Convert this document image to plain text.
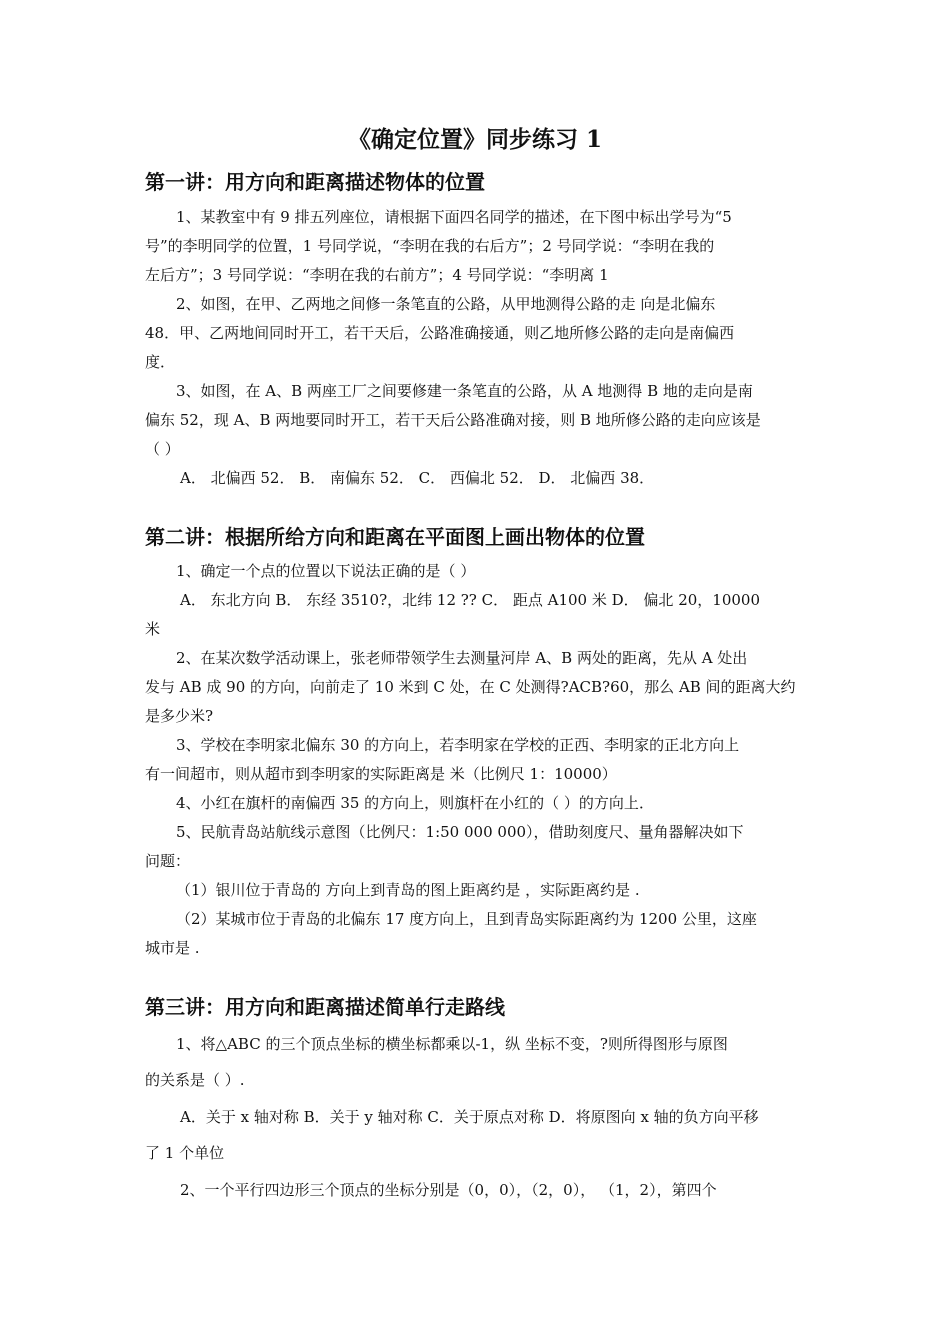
《确定位置》同步练习 1
第一讲：用方向和距离描述物体的位置
1、某教室中有 9 排五列座位，请根据下面四名同学的描述，在下图中标出学号为“5
号”的李明同学的位置，1 号同学说，“李明在我的右后方”；2 号同学说：“李明在我的
左后方”；3 号同学说：“李明在我的右前方”；4 号同学说：“李明离 1
2、如图，在甲、乙两地之间修一条笔直的公路，从甲地测得公路的走 向是北偏东
48．甲、乙两地间同时开工，若干天后，公路准确接通，则乙地所修公路的走向是南偏西
度．
3、如图，在 A、B 两座工厂之间要修建一条笔直的公路，从 A 地测得 B 地的走向是南
偏东 52，现 A、B 两地要同时开工，若干天后公路准确对接，则 B 地所修公路的走向应该是
（ ）
A． 北偏西 52． B． 南偏东 52． C． 西偏北 52． D． 北偏西 38．
第二讲：根据所给方向和距离在平面图上画出物体的位置
1、确定一个点的位置以下说法正确的是（ ）
A． 东北方向 B． 东经 3510?，北纬 12 ?? C． 距点 A100 米 D． 偏北 20，10000
米
2、在某次数学活动课上，张老师带领学生去测量河岸 A、B 两处的距离，先从 A 处出
发与 AB 成 90 的方向，向前走了 10 米到 C 处，在 C 处测得?ACB?60，那么 AB 间的距离大约
是多少米?
3、学校在李明家北偏东 30 的方向上，若李明家在学校的正西、李明家的正北方向上
有一间超市，则从超市到李明家的实际距离是 米（比例尺 1：10000）
4、小红在旗杆的南偏西 35 的方向上，则旗杆在小红的（ ）的方向上．
5、民航青岛站航线示意图（比例尺：1:50 000 000），借助刻度尺、量角器解决如下
问题：
（1）银川位于青岛的 方向上到青岛的图上距离约是 ，实际距离约是 .
（2）某城市位于青岛的北偏东 17 度方向上，且到青岛实际距离约为 1200 公里，这座
城市是 .
第三讲：用方向和距离描述简单行走路线
1、将△ABC 的三个顶点坐标的横坐标都乘以-1，纵 坐标不变，?则所得图形与原图
的关系是（ ）.
A．关于 x 轴对称 B．关于 y 轴对称 C．关于原点对称 D．将原图向 x 轴的负方向平移
了 1 个单位
2、一个平行四边形三个顶点的坐标分别是（0，0），（2，0）， （1，2），第四个
